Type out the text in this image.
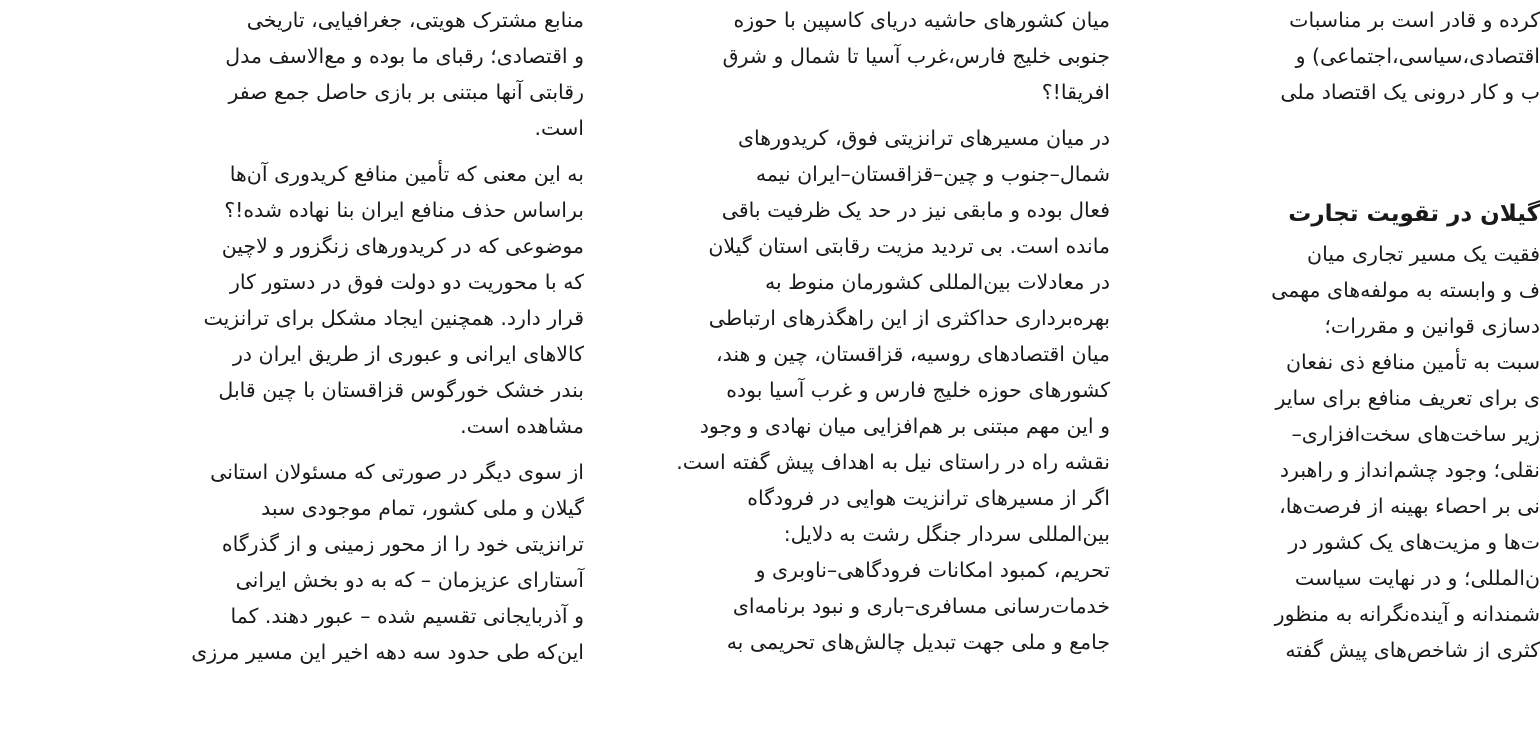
کرده و قادر است بر مناسبات
اقتصادی،سیاسی،اجتماعی) و
ب و کار درونی یک اقتصاد ملی
گیلان در تقویت تجارت
فقیت یک مسیر تجاری میان
ف و وابسته به مولفه‌های مهمی
دسازی قوانین و مقررات؛
سبت به تأمین منافع ذی نفعان
ی برای تعریف منافع برای سایر
زیر ساخت‌های سخت‌افزاری–
نقلی؛ وجود چشم‌انداز و راهبرد
نی بر احصاء بهینه از فرصت‌ها،
ت‌ها و مزیت‌های یک کشور در
ن‌المللی؛ و در نهایت سیاست
شمندانه و آینده‌نگرانه به منظور
کثری از شاخص‌های پیش گفته
میان کشورهای حاشیه دریای کاسپین با حوزه
جنوبی خلیج فارس،غرب آسیا تا شمال و شرق
افریقا!؟
در میان مسیرهای ترانزیتی فوق، کریدورهای
شمال–جنوب و چین–قزاقستان–ایران نیمه
فعال بوده و مابقی نیز در حد یک ظرفیت باقی
مانده است. بی تردید مزیت رقابتی استان گیلان
در معادلات بین‌المللی کشورمان منوط به
بهره‌برداری حداکثری از این راهگذرهای ارتباطی
میان اقتصادهای روسیه، قزاقستان، چین و هند،
کشورهای حوزه خلیج فارس و غرب آسیا بوده
و این مهم مبتنی بر هم‌افزایی میان نهادی و وجود
نقشه راه در راستای نیل به اهداف پیش گفته است.
اگر از مسیرهای ترانزیت هوایی در فرودگاه
بین‌المللی سردار جنگل رشت به دلایل:
تحریم، کمبود امکانات فرودگاهی–ناوبری و
خدمات‌رسانی مسافری–باری و نبود برنامه‌ای
جامع و ملی جهت تبدیل چالش‌های تحریمی به
منابع مشترک هویتی، جغرافیایی، تاریخی
و اقتصادی؛ رقبای ما بوده و مع‌الاسف مدل
رقابتی آنها مبتنی بر بازی حاصل جمع صفر
است.
به این معنی که تأمین منافع کریدوری آن‌ها
براساس حذف منافع ایران بنا نهاده شده!؟
موضوعی که در کریدورهای زنگزور و لاچین
که با محوریت دو دولت فوق در دستور کار
قرار دارد. همچنین ایجاد مشکل برای ترانزیت
کالاهای ایرانی و عبوری از طریق ایران در
بندر خشک خورگوس قزاقستان با چین قابل
مشاهده است.
از سوی دیگر در صورتی که مسئولان استانی
گیلان و ملی کشور، تمام موجودی سبد
ترانزیتی خود را از محور زمینی و از گذرگاه
آستارای عزیزمان – که به دو بخش ایرانی
و آذربایجانی تقسیم شده – عبور دهند. کما
این‌که طی حدود سه دهه اخیر این مسیر مرزی
